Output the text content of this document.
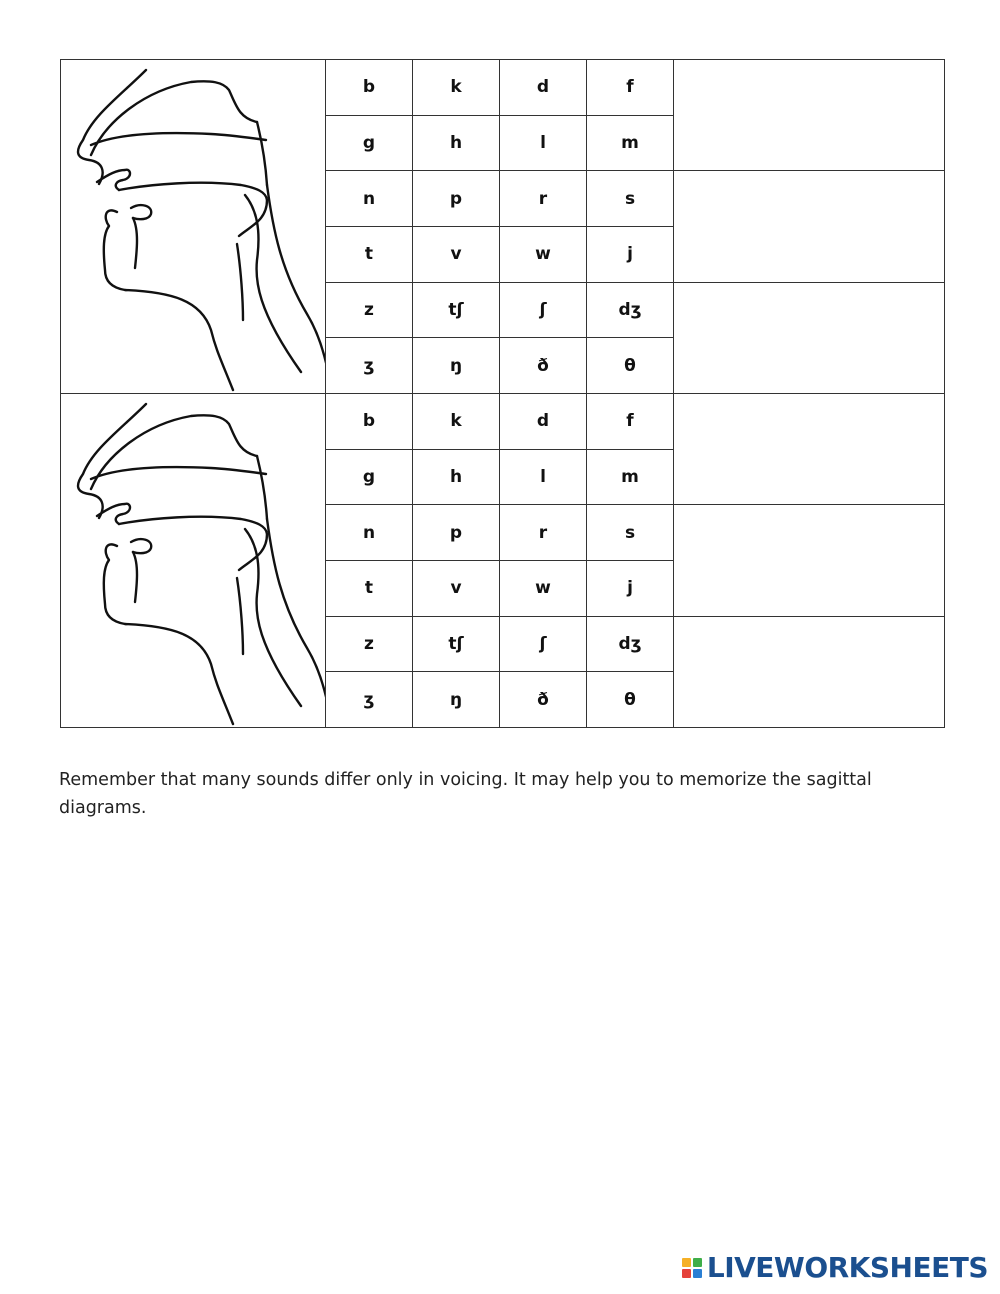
	b	k	d	f	
	g	h	l	m	
	n	p	r	s	
	t	v	w	j	
	z	tʃ	ʃ	dʒ	
	ʒ	ŋ	ð	θ	

	b	k	d	f	
	g	h	l	m	
	n	p	r	s	
	t	v	w	j	
	z	tʃ	ʃ	dʒ	
	ʒ	ŋ	ð	θ	

Remember that many sounds differ only in voicing. It may help you to memorize the sagittal diagrams.

LIVEWORKSHEETS
